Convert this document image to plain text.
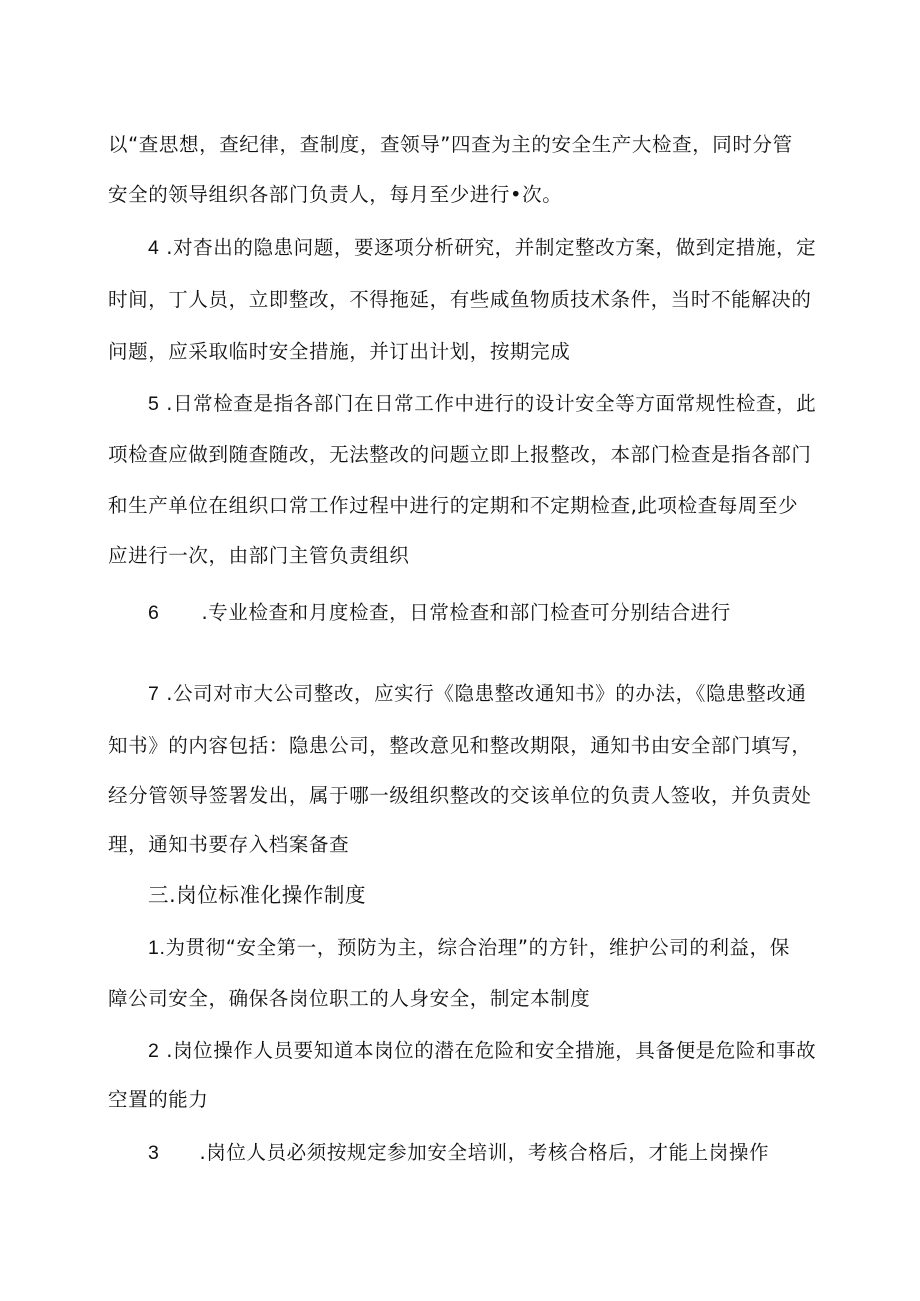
以“查思想，查纪律，查制度，查领导”四查为主的安全生产大检查，同时分管
安全的领导组织各部门负责人，每月至少进行•次。
4 .对杳出的隐患问题，要逐项分析研究，并制定整改方案，做到定措施，定
时间，丁人员，立即整改，不得拖延，有些咸鱼物质技术条件，当时不能解决的
问题，应采取临时安全措施，并订出计划，按期完成
5 .日常检查是指各部门在日常工作中进行的设计安全等方面常规性检查，此
项检查应做到随查随改，无法整改的问题立即上报整改，本部门检查是指各部门
和生产单位在组织口常工作过程中进行的定期和不定期检查,此项检查每周至少
应进行一次，由部门主管负责组织
6 .专业检查和月度检查，日常检查和部门检查可分别结合进行
7 .公司对市大公司整改，应实行《隐患整改通知书》的办法，《隐患整改通
知书》的内容包括：隐患公司，整改意见和整改期限，通知书由安全部门填写，
经分管领导签署发出，属于哪一级组织整改的交该单位的负责人签收，并负责处
理，通知书要存入档案备查
三.岗位标准化操作制度
1.为贯彻“安全第一，预防为主，综合治理”的方针，维护公司的利益，保
障公司安全，确保各岗位职工的人身安全，制定本制度
2 .岗位操作人员要知道本岗位的潜在危险和安全措施，具备便是危险和事故
空置的能力
3 .岗位人员必须按规定参加安全培训，考核合格后，才能上岗操作
